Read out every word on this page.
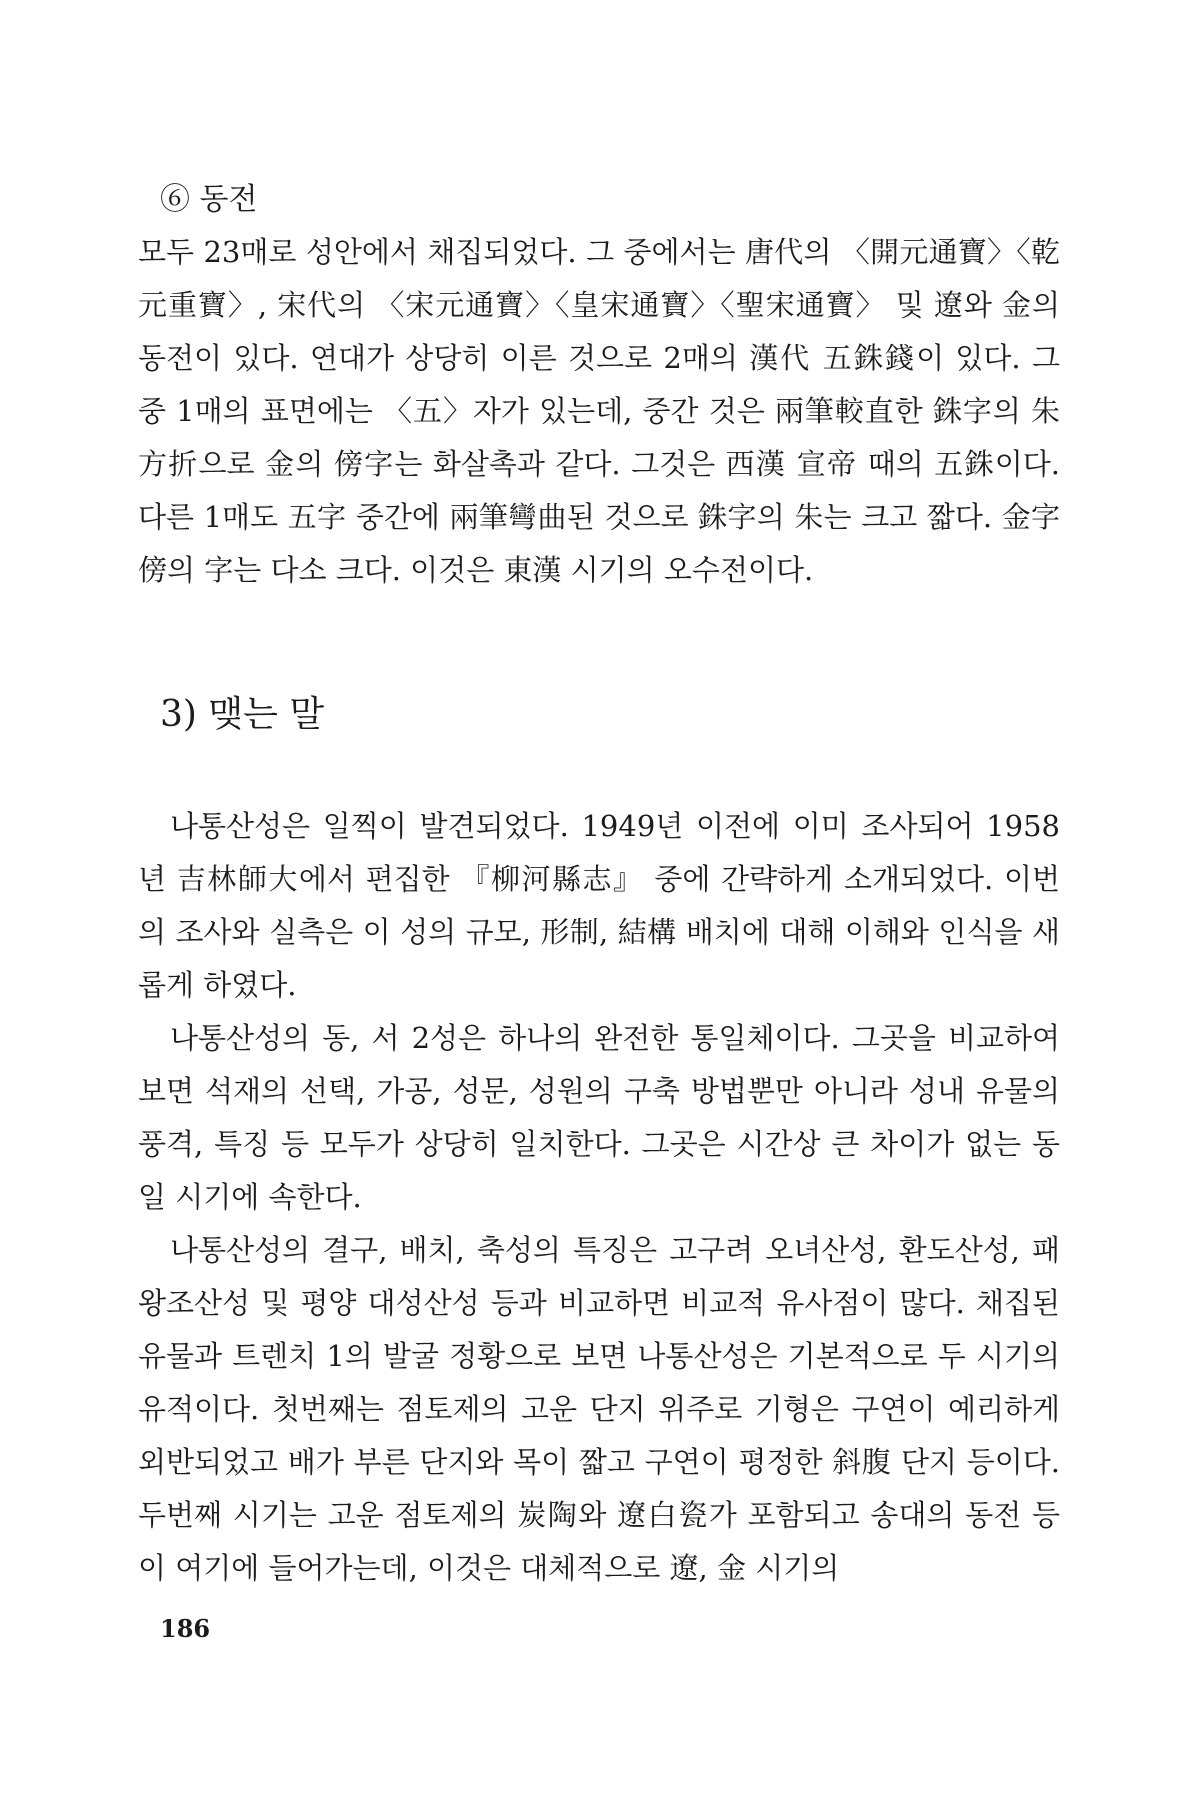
⑥ 동전

모두 23매로 성안에서 채집되었다. 그 중에서는 唐代의 〈開元通寶〉〈乾元重寶〉, 宋代의 〈宋元通寶〉〈皇宋通寶〉〈聖宋通寶〉 및 遼와 金의 동전이 있다. 연대가 상당히 이른 것으로 2매의 漢代 五銖錢이 있다. 그 중 1매의 표면에는 〈五〉자가 있는데, 중간 것은 兩筆較直한 銖字의 朱方折으로 金의 傍字는 화살촉과 같다. 그것은 西漢 宣帝 때의 五銖이다. 다른 1매도 五字 중간에 兩筆彎曲된 것으로 銖字의 朱는 크고 짧다. 金字傍의 字는 다소 크다. 이것은 東漢 시기의 오수전이다.

3) 맺는 말

나통산성은 일찍이 발견되었다. 1949년 이전에 이미 조사되어 1958년 吉林師大에서 편집한 『柳河縣志』 중에 간략하게 소개되었다. 이번의 조사와 실측은 이 성의 규모, 形制, 結構 배치에 대해 이해와 인식을 새롭게 하였다.

나통산성의 동, 서 2성은 하나의 완전한 통일체이다. 그곳을 비교하여 보면 석재의 선택, 가공, 성문, 성원의 구축 방법뿐만 아니라 성내 유물의 풍격, 특징 등 모두가 상당히 일치한다. 그곳은 시간상 큰 차이가 없는 동일 시기에 속한다.

나통산성의 결구, 배치, 축성의 특징은 고구려 오녀산성, 환도산성, 패왕조산성 및 평양 대성산성 등과 비교하면 비교적 유사점이 많다. 채집된 유물과 트렌치 1의 발굴 정황으로 보면 나통산성은 기본적으로 두 시기의 유적이다. 첫번째는 점토제의 고운 단지 위주로 기형은 구연이 예리하게 외반되었고 배가 부른 단지와 목이 짧고 구연이 평정한 斜腹 단지 등이다. 두번째 시기는 고운 점토제의 炭陶와 遼白瓷가 포함되고 송대의 동전 등이 여기에 들어가는데, 이것은 대체적으로 遼, 金 시기의

186
